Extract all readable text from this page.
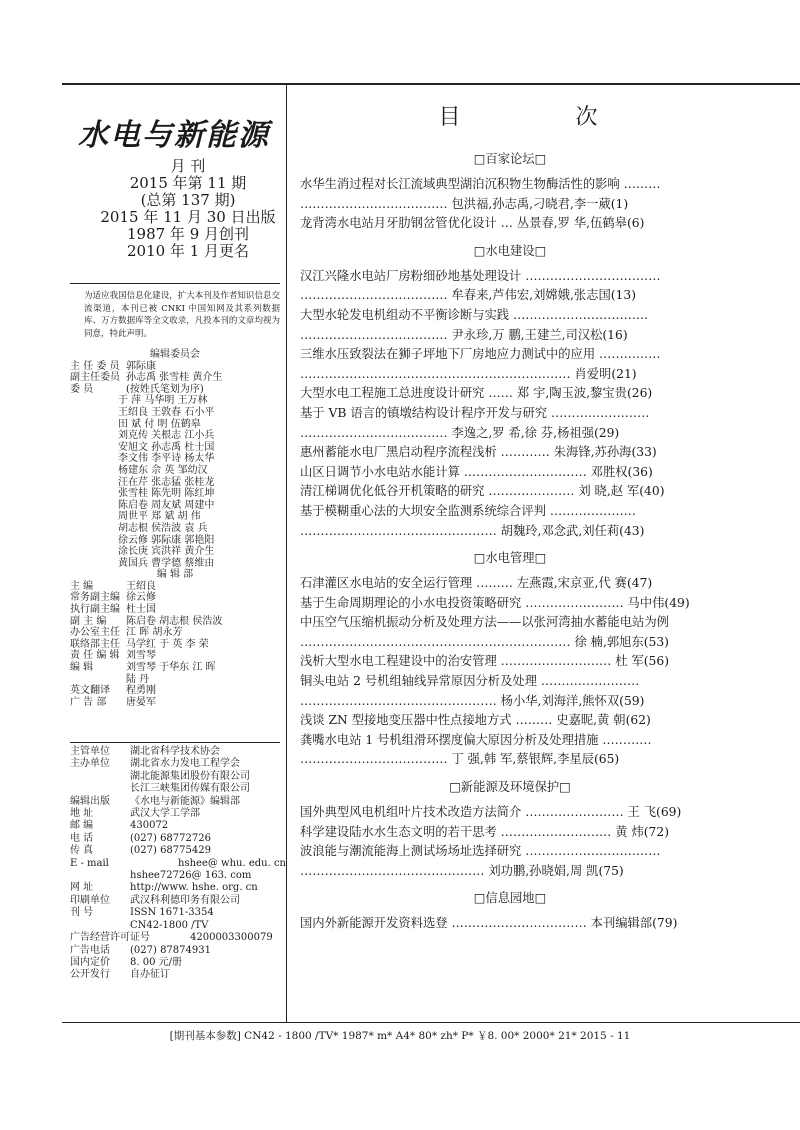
水电与新能源
月 刊
2015 年第 11 期
(总第 137 期)
2015 年 11 月 30 日出版
1987 年 9 月创刊
2010 年 1 月更名
为适应我国信息化建设，扩大本刊及作者知识信息交流渠道，本刊已被 CNKI 中国知网及其系列数据库、万方数据库等全文收录，凡投本刊的文章均视为同意，特此声明。
编辑委员会
主 任 委 员 郭际康
副主任委员 孙志禹 张雪桂 黄介生
委 员	(按姓氏笔划为序)
于 萍 马华明 王万林
王绍良 王敦春 石小平
田 斌 付 明 伍鹤皋
刘克传 关根志 江小兵
安旭文 孙志禹 杜士国
李文伟 李平诗 杨太华
杨建东 佘 英 邹幼汉
汪在芹 张志猛 张桂龙
张雪桂 陈先明 陈红坤
陈启卷 周友斌 周建中
周世平 郑 斌 胡 伟
胡志根 侯浩波 袁 兵
徐云修 郭际康 郭艳阳
涂长庚 宾洪祥 黄介生
黄国兵 曹学德 蔡维由
编 辑 部
主 编	王绍良
常务副主编 徐云修
执行副主编 杜士国
副 主 编	陈启卷 胡志根 侯浩波
办公室主任 江 晖 胡永芳
联络部主任 马学红 于 英 李 荣
责 任 编 辑 刘雪琴
编 辑	刘雪琴 于华东 江 晖
陆 丹
英文翻译	程勇刚
广 告 部	唐晏军
主管单位	湖北省科学技术协会
主办单位	湖北省水力发电工程学会
湖北能源集团股份有限公司
长江三峡集团传媒有限公司
编辑出版	《水电与新能源》编辑部
地 址	武汉大学工学部
邮 编	430072
电 话	(027) 68772726
传 真	(027) 68775429
E - mail	hshee@ whu. edu. cn
hshee72726@ 163. com
网 址	http://www. hshe. org. cn
印刷单位	武汉科利德印务有限公司
刊 号	ISSN 1671-3354
CN42-1800 /TV
广告经营许可证号	4200003300079
广告电话	(027) 87874931
国内定价	8. 00 元/册
公开发行	自办征订
目 次
□百家论坛□
水华生消过程对长江流域典型湖泊沉积物生物酶活性的影响 ………
……………………………… 包洪福,孙志禹,刁晓君,李一葳(1)
龙背湾水电站月牙肋钢岔管优化设计 … 丛景春,罗 华,伍鹤皋(6)
□水电建设□
汉江兴隆水电站厂房粉细砂地基处理设计 ……………………………
……………………………… 牟春来,芦伟宏,刘嫦娥,张志国(13)
大型水轮发电机组动不平衡诊断与实践 ……………………………
……………………………… 尹永珍,万 鹏,王建兰,司汉松(16)
三维水压致裂法在狮子坪地下厂房地应力测试中的应用 ……………
………………………………………………………… 肖爱明(21)
大型水电工程施工总进度设计研究 …… 郑 宇,陶玉波,黎宝贵(26)
基于 VB 语言的镇墩结构设计程序开发与研究 ……………………
……………………………… 李逸之,罗 希,徐 芬,杨祖强(29)
惠州蓄能水电厂黑启动程序流程浅析 ………… 朱海锋,苏孙海(33)
山区日调节小水电站水能计算 ………………………… 邓胜权(36)
清江梯调优化低谷开机策略的研究 ………………… 刘 晓,赵 军(40)
基于模糊重心法的大坝安全监测系统综合评判 …………………
………………………………………… 胡魏玲,邓念武,刘任莉(43)
□水电管理□
石津灌区水电站的安全运行管理 ……… 左燕霞,宋京亚,代 赛(47)
基于生命周期理论的小水电投资策略研究 …………………… 马中伟(49)
中压空气压缩机振动分析及处理方法——以张河湾抽水蓄能电站为例
………………………………………………………… 徐 楠,郭旭东(53)
浅析大型水电工程建设中的治安管理 ……………………… 杜 军(56)
铜头电站 2 号机组轴线异常原因分析及处理 ……………………
………………………………………… 杨小华,刘海洋,熊怀双(59)
浅谈 ZN 型接地变压器中性点接地方式 ……… 史嘉昵,黄 朝(62)
龚嘴水电站 1 号机组滑环摆度偏大原因分析及处理措施 …………
……………………………… 丁 强,韩 军,蔡银辉,李星辰(65)
□新能源及环境保护□
国外典型风电机组叶片技术改造方法简介 …………………… 王 飞(69)
科学建设陆水水生态文明的若干思考 ……………………… 黄 炜(72)
波浪能与潮流能海上测试场场址选择研究 ……………………………
……………………………………… 刘功鹏,孙晓娟,周 凯(75)
□信息园地□
国内外新能源开发资料选登 …………………………… 本刊编辑部(79)
[期刊基本参数] CN42 - 1800 /TV* 1987* m* A4* 80* zh* P* ￥8. 00* 2000* 21* 2015 - 11
